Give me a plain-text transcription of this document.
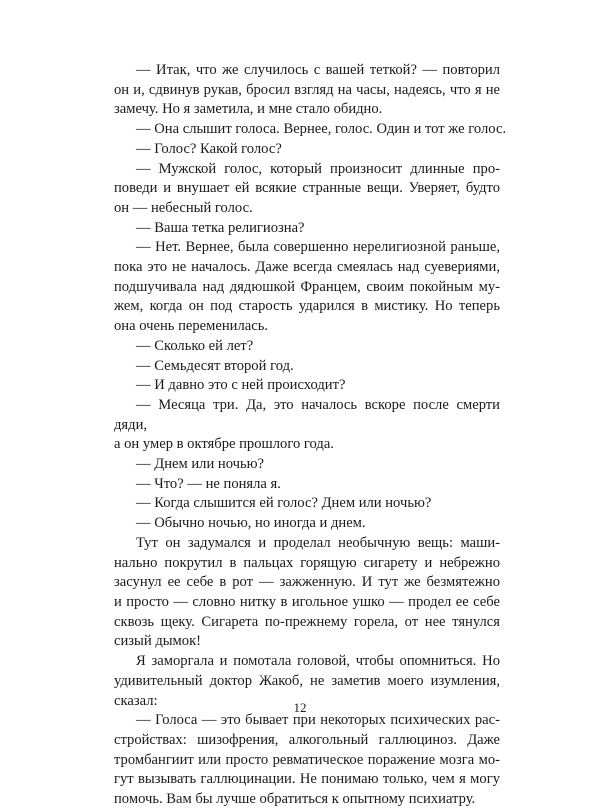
— Итак, что же случилось с вашей теткой? — повторил
он и, сдвинув рукав, бросил взгляд на часы, надеясь, что я не
замечу. Но я заметила, и мне стало обидно.

— Она слышит голоса. Вернее, голос. Один и тот же голос.

— Голос? Какой голос?

— Мужской голос, который произносит длинные про-
поведи и внушает ей всякие странные вещи. Уверяет, будто
он — небесный голос.

— Ваша тетка религиозна?

— Нет. Вернее, была совершенно нерелигиозной раньше,
пока это не началось. Даже всегда смеялась над суевериями,
подшучивала над дядюшкой Францем, своим покойным му-
жем, когда он под старость ударился в мистику. Но теперь
она очень переменилась.

— Сколько ей лет?

— Семьдесят второй год.

— И давно это с ней происходит?

— Месяца три. Да, это началось вскоре после смерти дяди,
а он умер в октябре прошлого года.

— Днем или ночью?

— Что? — не поняла я.

— Когда слышится ей голос? Днем или ночью?

— Обычно ночью, но иногда и днем.

Тут он задумался и проделал необычную вещь: маши-
нально покрутил в пальцах горящую сигарету и небрежно
засунул ее себе в рот — зажженную. И тут же безмятежно
и просто — словно нитку в игольное ушко — продел ее себе
сквозь щеку. Сигарета по-прежнему горела, от нее тянулся
сизый дымок!

Я заморгала и помотала головой, чтобы опомниться. Но
удивительный доктор Жакоб, не заметив моего изумления,
сказал:

— Голоса — это бывает при некоторых психических рас-
стройствах: шизофрения, алкогольный галлюциноз. Даже
тромбангиит или просто ревматическое поражение мозга мо-
гут вызывать галлюцинации. Не понимаю только, чем я могу
помочь. Вам бы лучше обратиться к опытному психиатру.

12
